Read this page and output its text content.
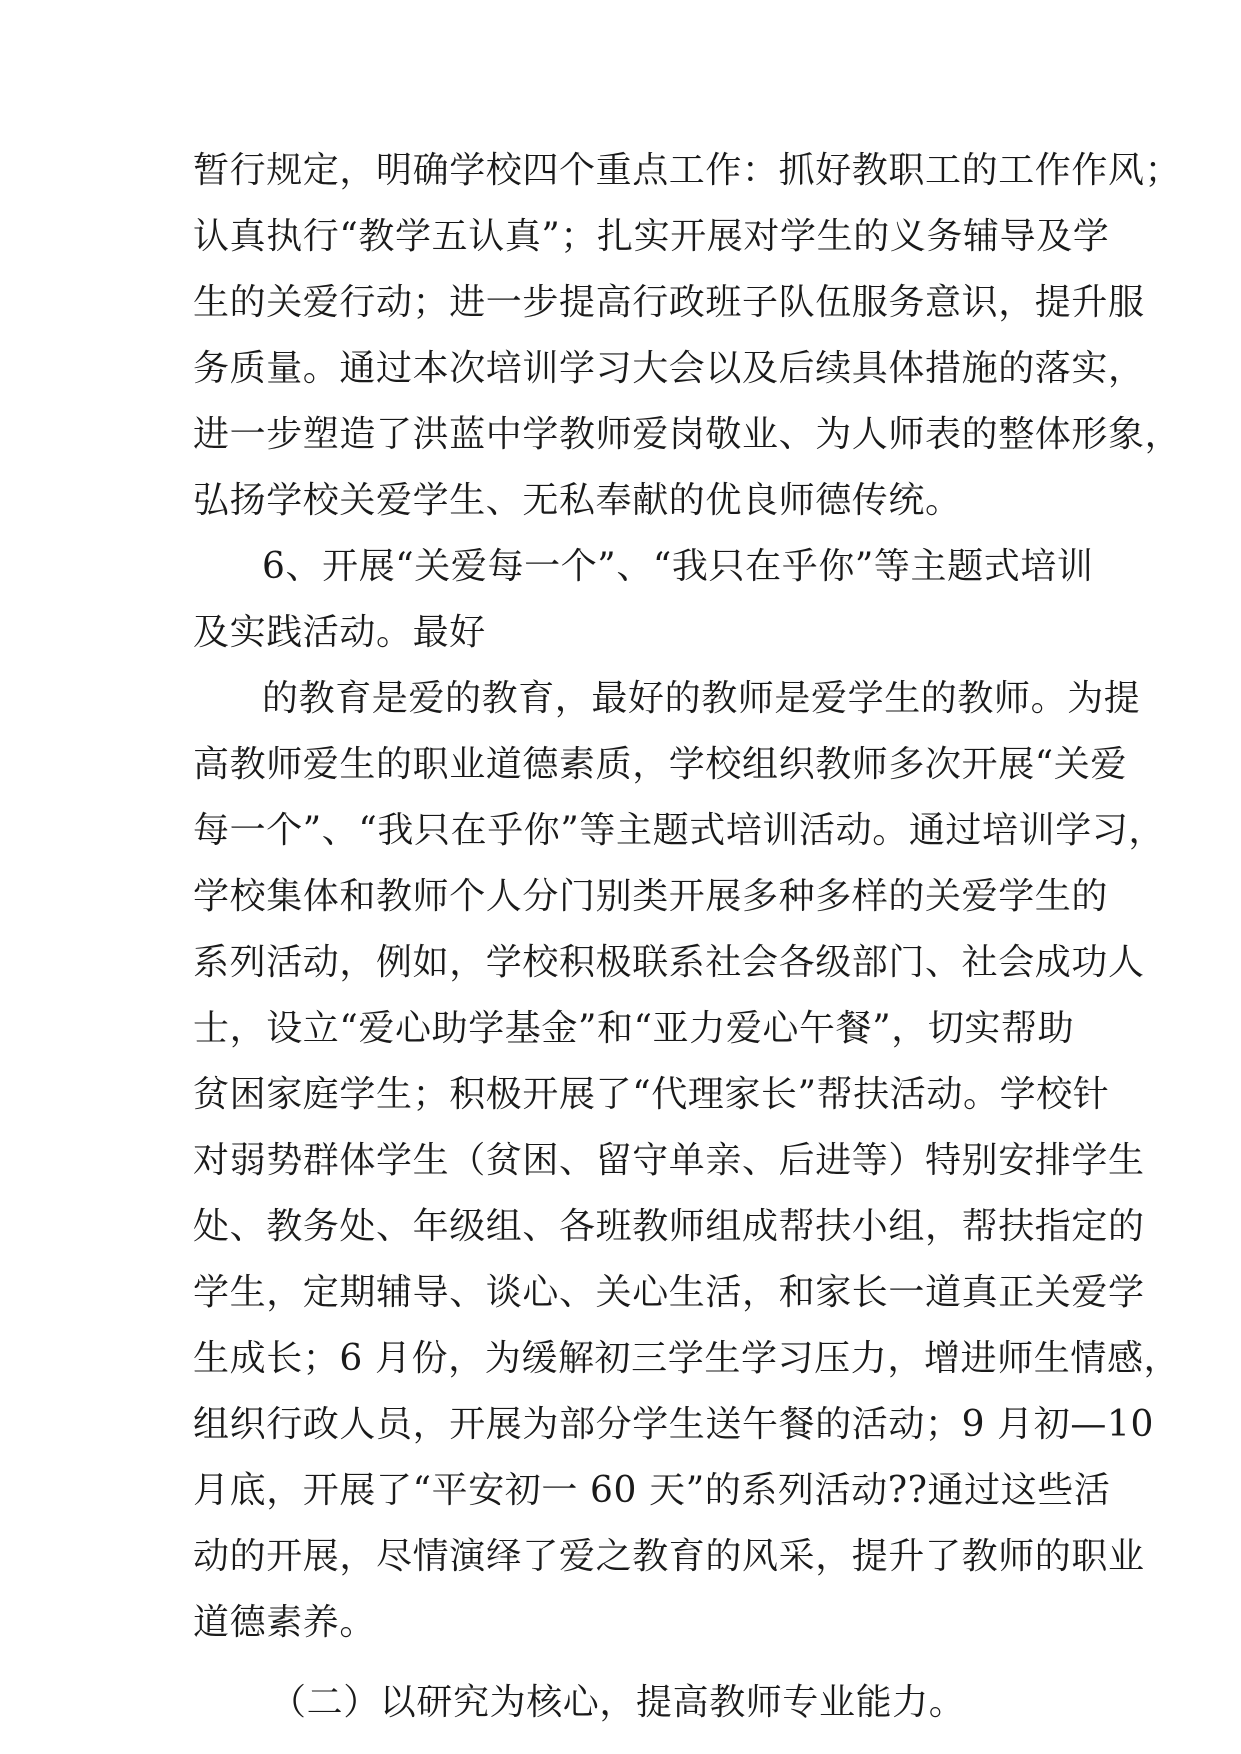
暂行规定，明确学校四个重点工作：抓好教职工的工作作风；
认真执行“教学五认真”；扎实开展对学生的义务辅导及学
生的关爱行动；进一步提高行政班子队伍服务意识，提升服
务质量。通过本次培训学习大会以及后续具体措施的落实，
进一步塑造了洪蓝中学教师爱岗敬业、为人师表的整体形象，
弘扬学校关爱学生、无私奉献的优良师德传统。
6、开展“关爱每一个”、“我只在乎你”等主题式培训
及实践活动。最好
的教育是爱的教育，最好的教师是爱学生的教师。为提
高教师爱生的职业道德素质，学校组织教师多次开展“关爱
每一个”、“我只在乎你”等主题式培训活动。通过培训学习，
学校集体和教师个人分门别类开展多种多样的关爱学生的
系列活动，例如，学校积极联系社会各级部门、社会成功人
士，设立“爱心助学基金”和“亚力爱心午餐”，切实帮助
贫困家庭学生；积极开展了“代理家长”帮扶活动。学校针
对弱势群体学生（贫困、留守单亲、后进等）特别安排学生
处、教务处、年级组、各班教师组成帮扶小组，帮扶指定的
学生，定期辅导、谈心、关心生活，和家长一道真正关爱学
生成长；6 月份，为缓解初三学生学习压力，增进师生情感，
组织行政人员，开展为部分学生送午餐的活动；9 月初—10
月底，开展了“平安初一 60 天”的系列活动??通过这些活
动的开展，尽情演绎了爱之教育的风采，提升了教师的职业
道德素养。
（二）以研究为核心，提高教师专业能力。
